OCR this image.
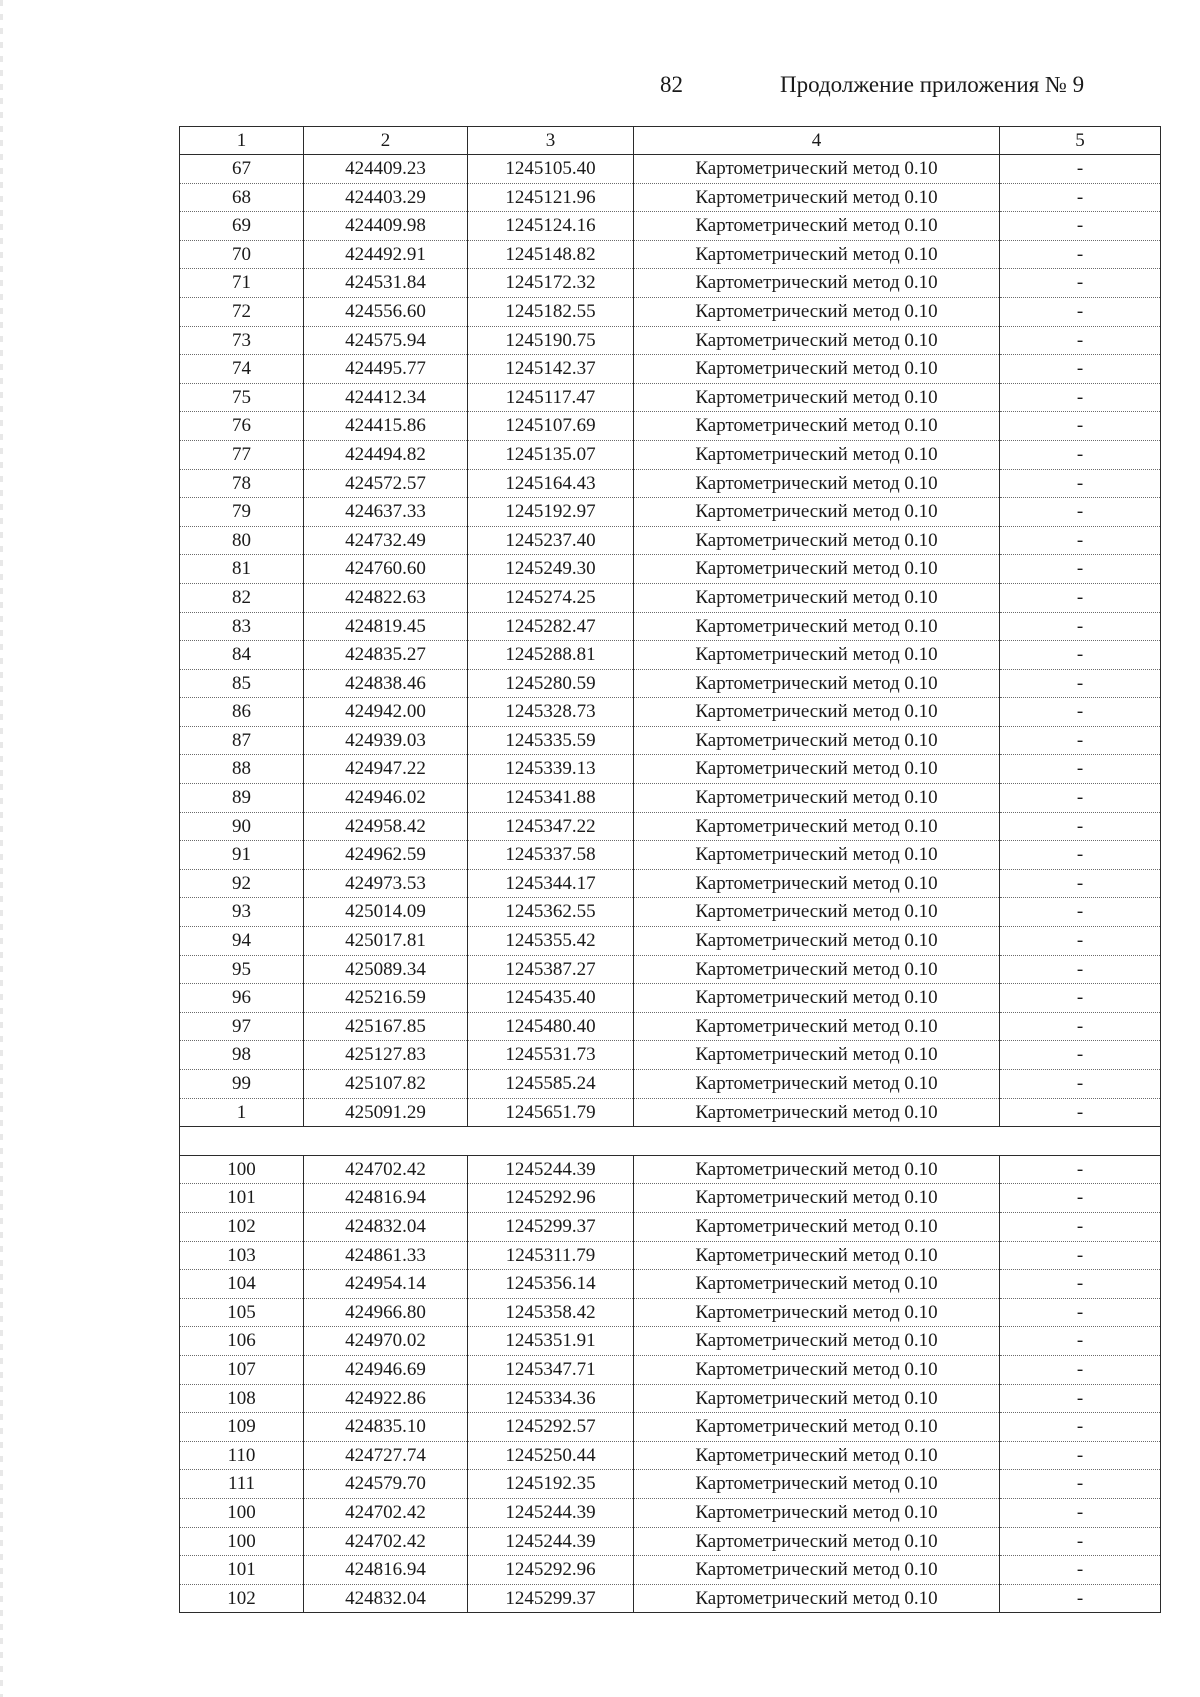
82	Продолжение приложения № 9
1	2	3	4	5
67	424409.23	1245105.40	Картометрический метод 0.10	-
68	424403.29	1245121.96	Картометрический метод 0.10	-
69	424409.98	1245124.16	Картометрический метод 0.10	-
70	424492.91	1245148.82	Картометрический метод 0.10	-
71	424531.84	1245172.32	Картометрический метод 0.10	-
72	424556.60	1245182.55	Картометрический метод 0.10	-
73	424575.94	1245190.75	Картометрический метод 0.10	-
74	424495.77	1245142.37	Картометрический метод 0.10	-
75	424412.34	1245117.47	Картометрический метод 0.10	-
76	424415.86	1245107.69	Картометрический метод 0.10	-
77	424494.82	1245135.07	Картометрический метод 0.10	-
78	424572.57	1245164.43	Картометрический метод 0.10	-
79	424637.33	1245192.97	Картометрический метод 0.10	-
80	424732.49	1245237.40	Картометрический метод 0.10	-
81	424760.60	1245249.30	Картометрический метод 0.10	-
82	424822.63	1245274.25	Картометрический метод 0.10	-
83	424819.45	1245282.47	Картометрический метод 0.10	-
84	424835.27	1245288.81	Картометрический метод 0.10	-
85	424838.46	1245280.59	Картометрический метод 0.10	-
86	424942.00	1245328.73	Картометрический метод 0.10	-
87	424939.03	1245335.59	Картометрический метод 0.10	-
88	424947.22	1245339.13	Картометрический метод 0.10	-
89	424946.02	1245341.88	Картометрический метод 0.10	-
90	424958.42	1245347.22	Картометрический метод 0.10	-
91	424962.59	1245337.58	Картометрический метод 0.10	-
92	424973.53	1245344.17	Картометрический метод 0.10	-
93	425014.09	1245362.55	Картометрический метод 0.10	-
94	425017.81	1245355.42	Картометрический метод 0.10	-
95	425089.34	1245387.27	Картометрический метод 0.10	-
96	425216.59	1245435.40	Картометрический метод 0.10	-
97	425167.85	1245480.40	Картометрический метод 0.10	-
98	425127.83	1245531.73	Картометрический метод 0.10	-
99	425107.82	1245585.24	Картометрический метод 0.10	-
1	425091.29	1245651.79	Картометрический метод 0.10	-

100	424702.42	1245244.39	Картометрический метод 0.10	-
101	424816.94	1245292.96	Картометрический метод 0.10	-
102	424832.04	1245299.37	Картометрический метод 0.10	-
103	424861.33	1245311.79	Картометрический метод 0.10	-
104	424954.14	1245356.14	Картометрический метод 0.10	-
105	424966.80	1245358.42	Картометрический метод 0.10	-
106	424970.02	1245351.91	Картометрический метод 0.10	-
107	424946.69	1245347.71	Картометрический метод 0.10	-
108	424922.86	1245334.36	Картометрический метод 0.10	-
109	424835.10	1245292.57	Картометрический метод 0.10	-
110	424727.74	1245250.44	Картометрический метод 0.10	-
111	424579.70	1245192.35	Картометрический метод 0.10	-
100	424702.42	1245244.39	Картометрический метод 0.10	-
100	424702.42	1245244.39	Картометрический метод 0.10	-
101	424816.94	1245292.96	Картометрический метод 0.10	-
102	424832.04	1245299.37	Картометрический метод 0.10	-
